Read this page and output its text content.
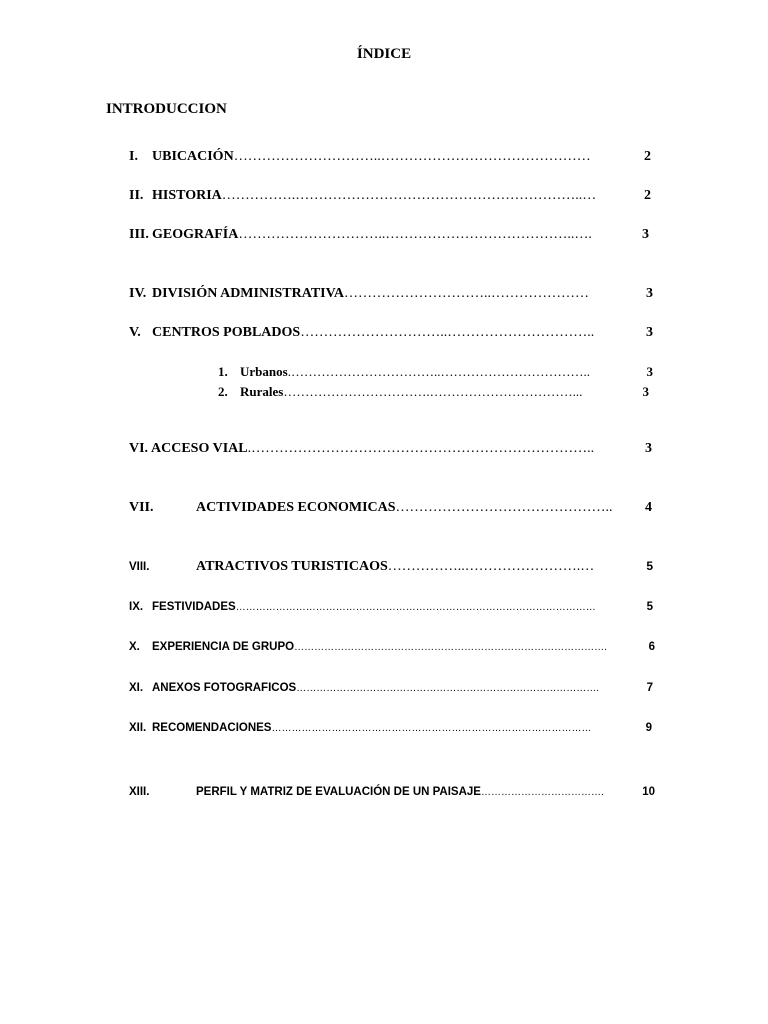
ÍNDICE
INTRODUCCION
I.	UBICACIÓN …………………………..………………………………………	2
II. HISTORIA …………….……………………………………………………..…	2
III. GEOGRAFÍA …………………………..…………………………………..….	3
IV. DIVISIÓN ADMINISTRATIVA …………………………..…………………	3
V. CENTROS POBLADOS …………………………..…………………………..	3
1. Urbanos .……………………………..……………………………..	3
2. Rurales …………………………….……………………………...	3
VI. ACCESO VIAL .………………………………………………………………..	3
VII.	ACTIVIDADES ECONOMICAS ………………………………………..	4
VIII.	ATRACTIVOS TURISTICAOS ……………..…………………….…	5
IX. FESTIVIDADES ………………………………………………………………………………………………	5
X.	EXPERIENCIA DE GRUPO ………………………………………………………………………………….	6
XI. ANEXOS FOTOGRAFICOS ……………………………………………………………………………….	7
XII. RECOMENDACIONES ……………………………………………………………………………………	9
XIII.	PERFIL Y MATRIZ DE EVALUACIÓN DE UN PAISAJE ……………………………….	10
